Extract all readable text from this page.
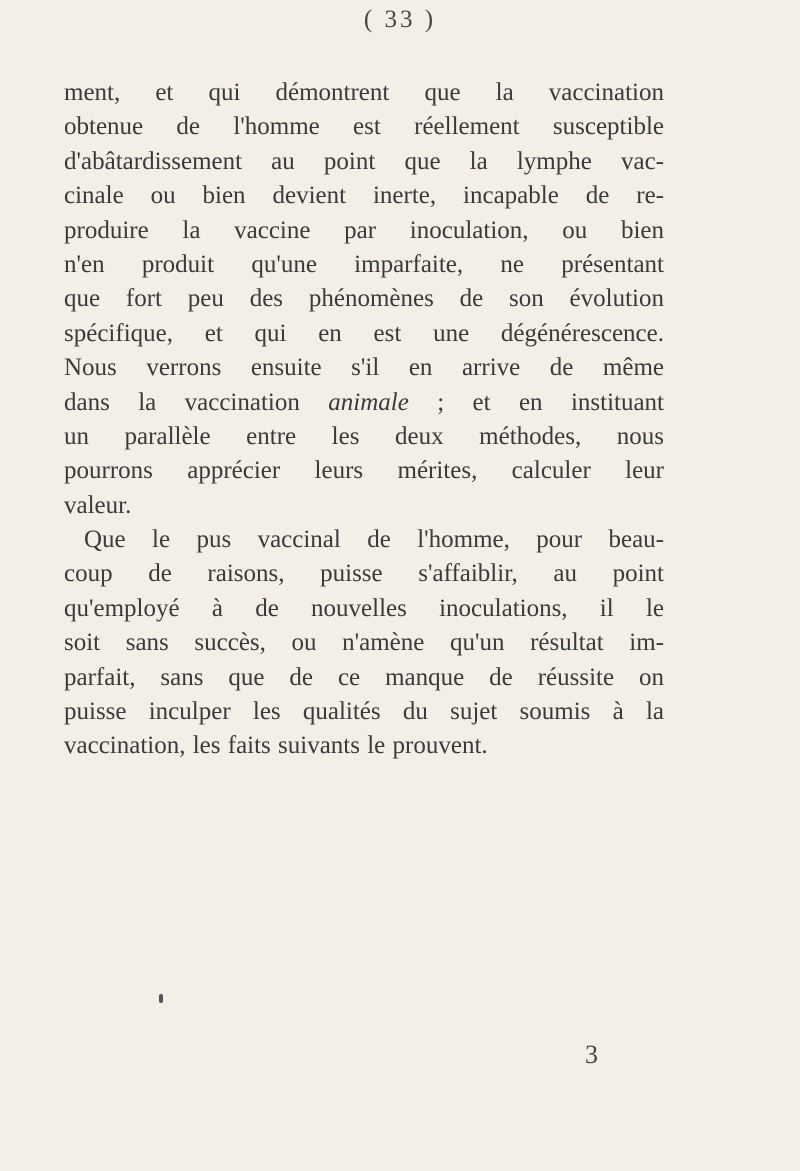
( 33 )
ment, et qui démontrent que la vaccination
obtenue de l'homme est réellement susceptible
d'abâtardissement au point que la lymphe vac-
cinale ou bien devient inerte, incapable de re-
produire la vaccine par inoculation, ou bien
n'en produit qu'une imparfaite, ne présentant
que fort peu des phénomènes de son évolution
spécifique, et qui en est une dégénérescence.
Nous verrons ensuite s'il en arrive de même
dans la vaccination animale ; et en instituant
un parallèle entre les deux méthodes, nous
pourrons apprécier leurs mérites, calculer leur
valeur.
Que le pus vaccinal de l'homme, pour beau-
coup de raisons, puisse s'affaiblir, au point
qu'employé à de nouvelles inoculations, il le
soit sans succès, ou n'amène qu'un résultat im-
parfait, sans que de ce manque de réussite on
puisse inculper les qualités du sujet soumis à la
vaccination, les faits suivants le prouvent.
3
